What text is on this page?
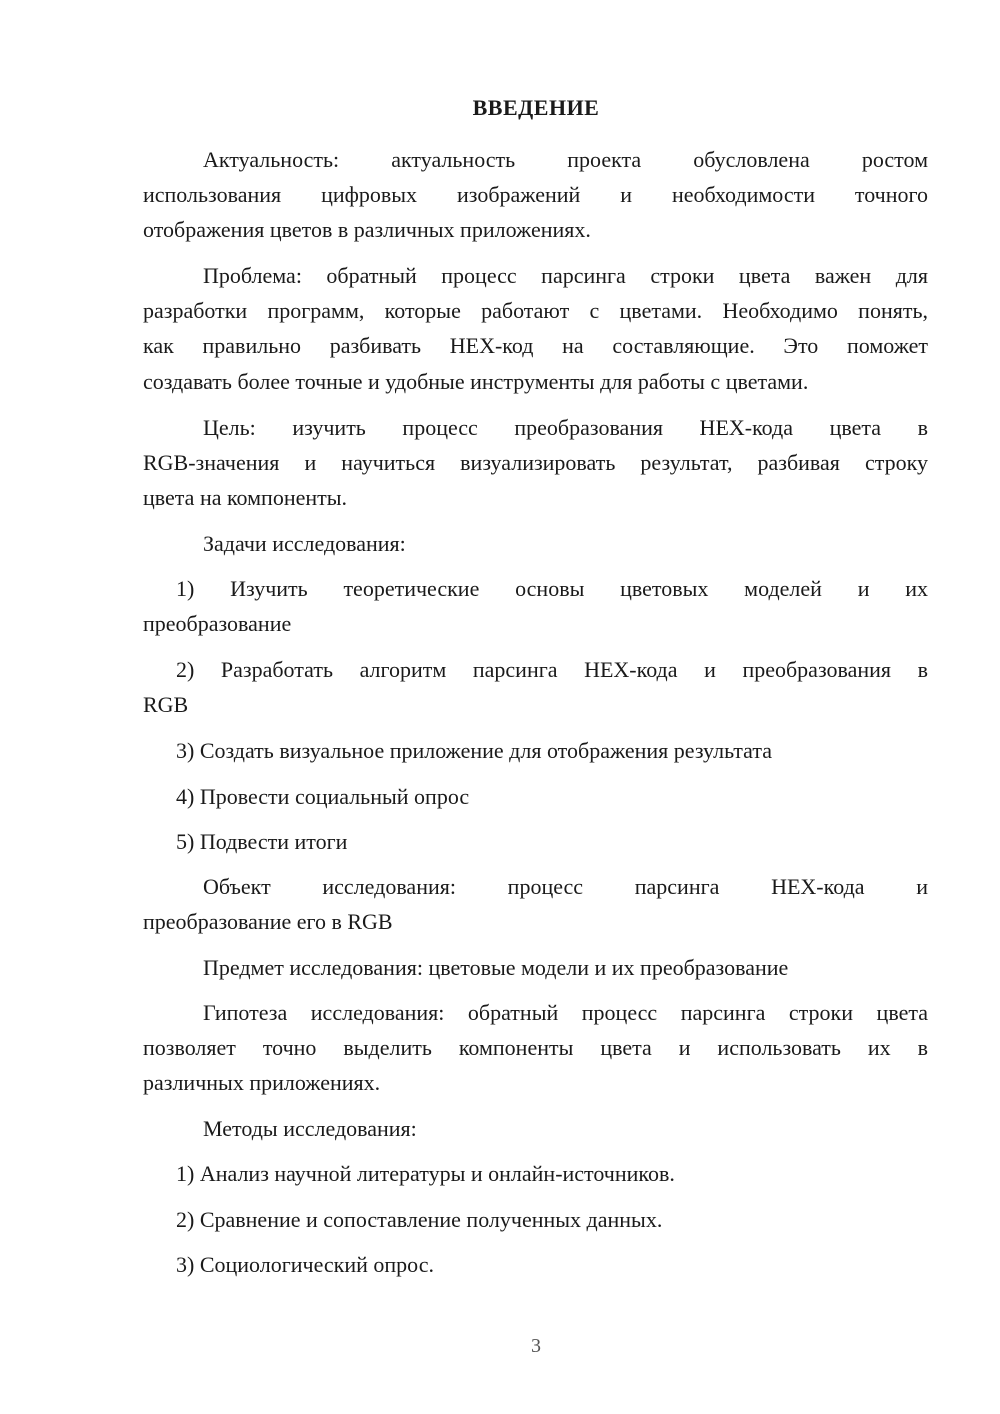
ВВЕДЕНИЕ

Актуальность: актуальность проекта обусловлена ростом

использования цифровых изображений и необходимости точного

отображения цветов в различных приложениях.

Проблема: обратный процесс парсинга строки цвета важен для

разработки программ, которые работают с цветами. Необходимо понять,

как правильно разбивать HEX-код на составляющие. Это поможет

создавать более точные и удобные инструменты для работы с цветами.

Цель: изучить процесс преобразования HEX-кода цвета в

RGB-значения и научиться визуализировать результат, разбивая строку

цвета на компоненты.

Задачи исследования:

1) Изучить теоретические основы цветовых моделей и их

преобразование

2) Разработать алгоритм парсинга HEX-кода и преобразования в

RGB

3) Создать визуальное приложение для отображения результата

4) Провести социальный опрос

5) Подвести итоги

Объект исследования: процесс парсинга HEX-кода и

преобразование его в RGB

Предмет исследования: цветовые модели и их преобразование

Гипотеза исследования: обратный процесс парсинга строки цвета

позволяет точно выделить компоненты цвета и использовать их в

различных приложениях.

Методы исследования:

1) Анализ научной литературы и онлайн-источников.

2) Сравнение и сопоставление полученных данных.

3) Социологический опрос.

3
